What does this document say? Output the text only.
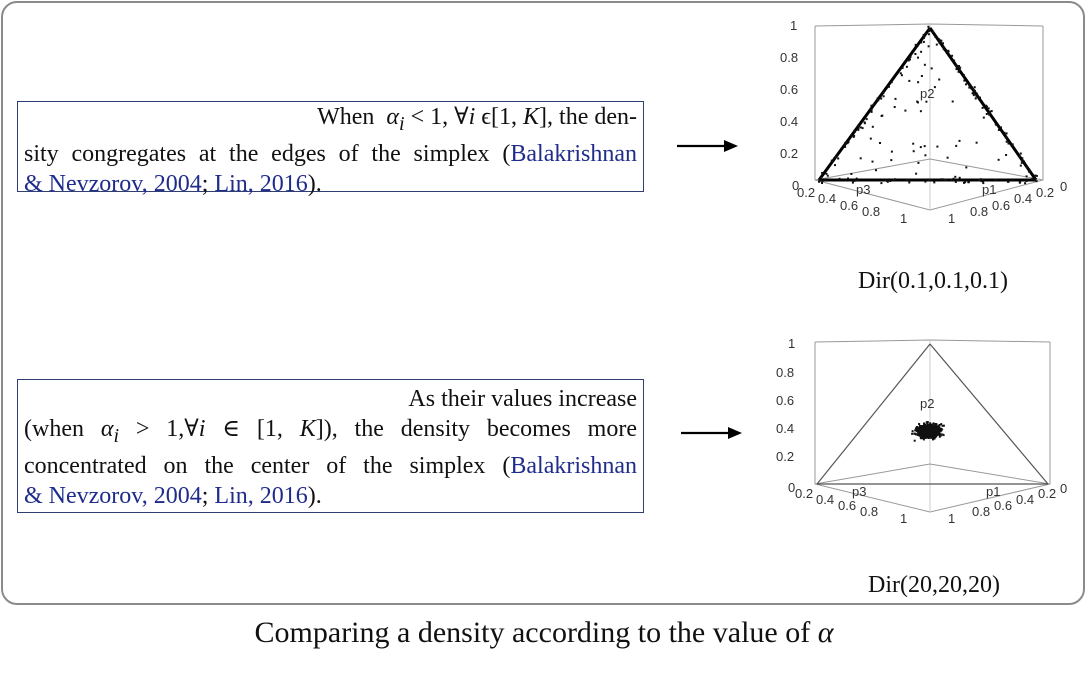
When $\alpha_i < 1$, ∀i ϵ[1, K], the den-
sity congregates at the edges of the simplex (Balakrishnan
& Nevzorov, 2004; Lin, 2016).
As their values increase
(when $\alpha_i$ > 1,∀i ∈ [1, K]), the density becomes more
concentrated on the center of the simplex (Balakrishnan
& Nevzorov, 2004; Lin, 2016).
1
0.8
0.6
0.4
0.2
0
p2
p3	p1
0.2 0.4 0.6 0.8 1	1 0.8 0.6 0.4 0.2 0
1
0.8
0.6
0.4
0.2
0
p2
p3	p1
0.2 0.4 0.6 0.8 1	1 0.8 0.6 0.4 0.2 0
Dir(0.1,0.1,0.1)
Dir(20,20,20)
Comparing a density according to the value of α
